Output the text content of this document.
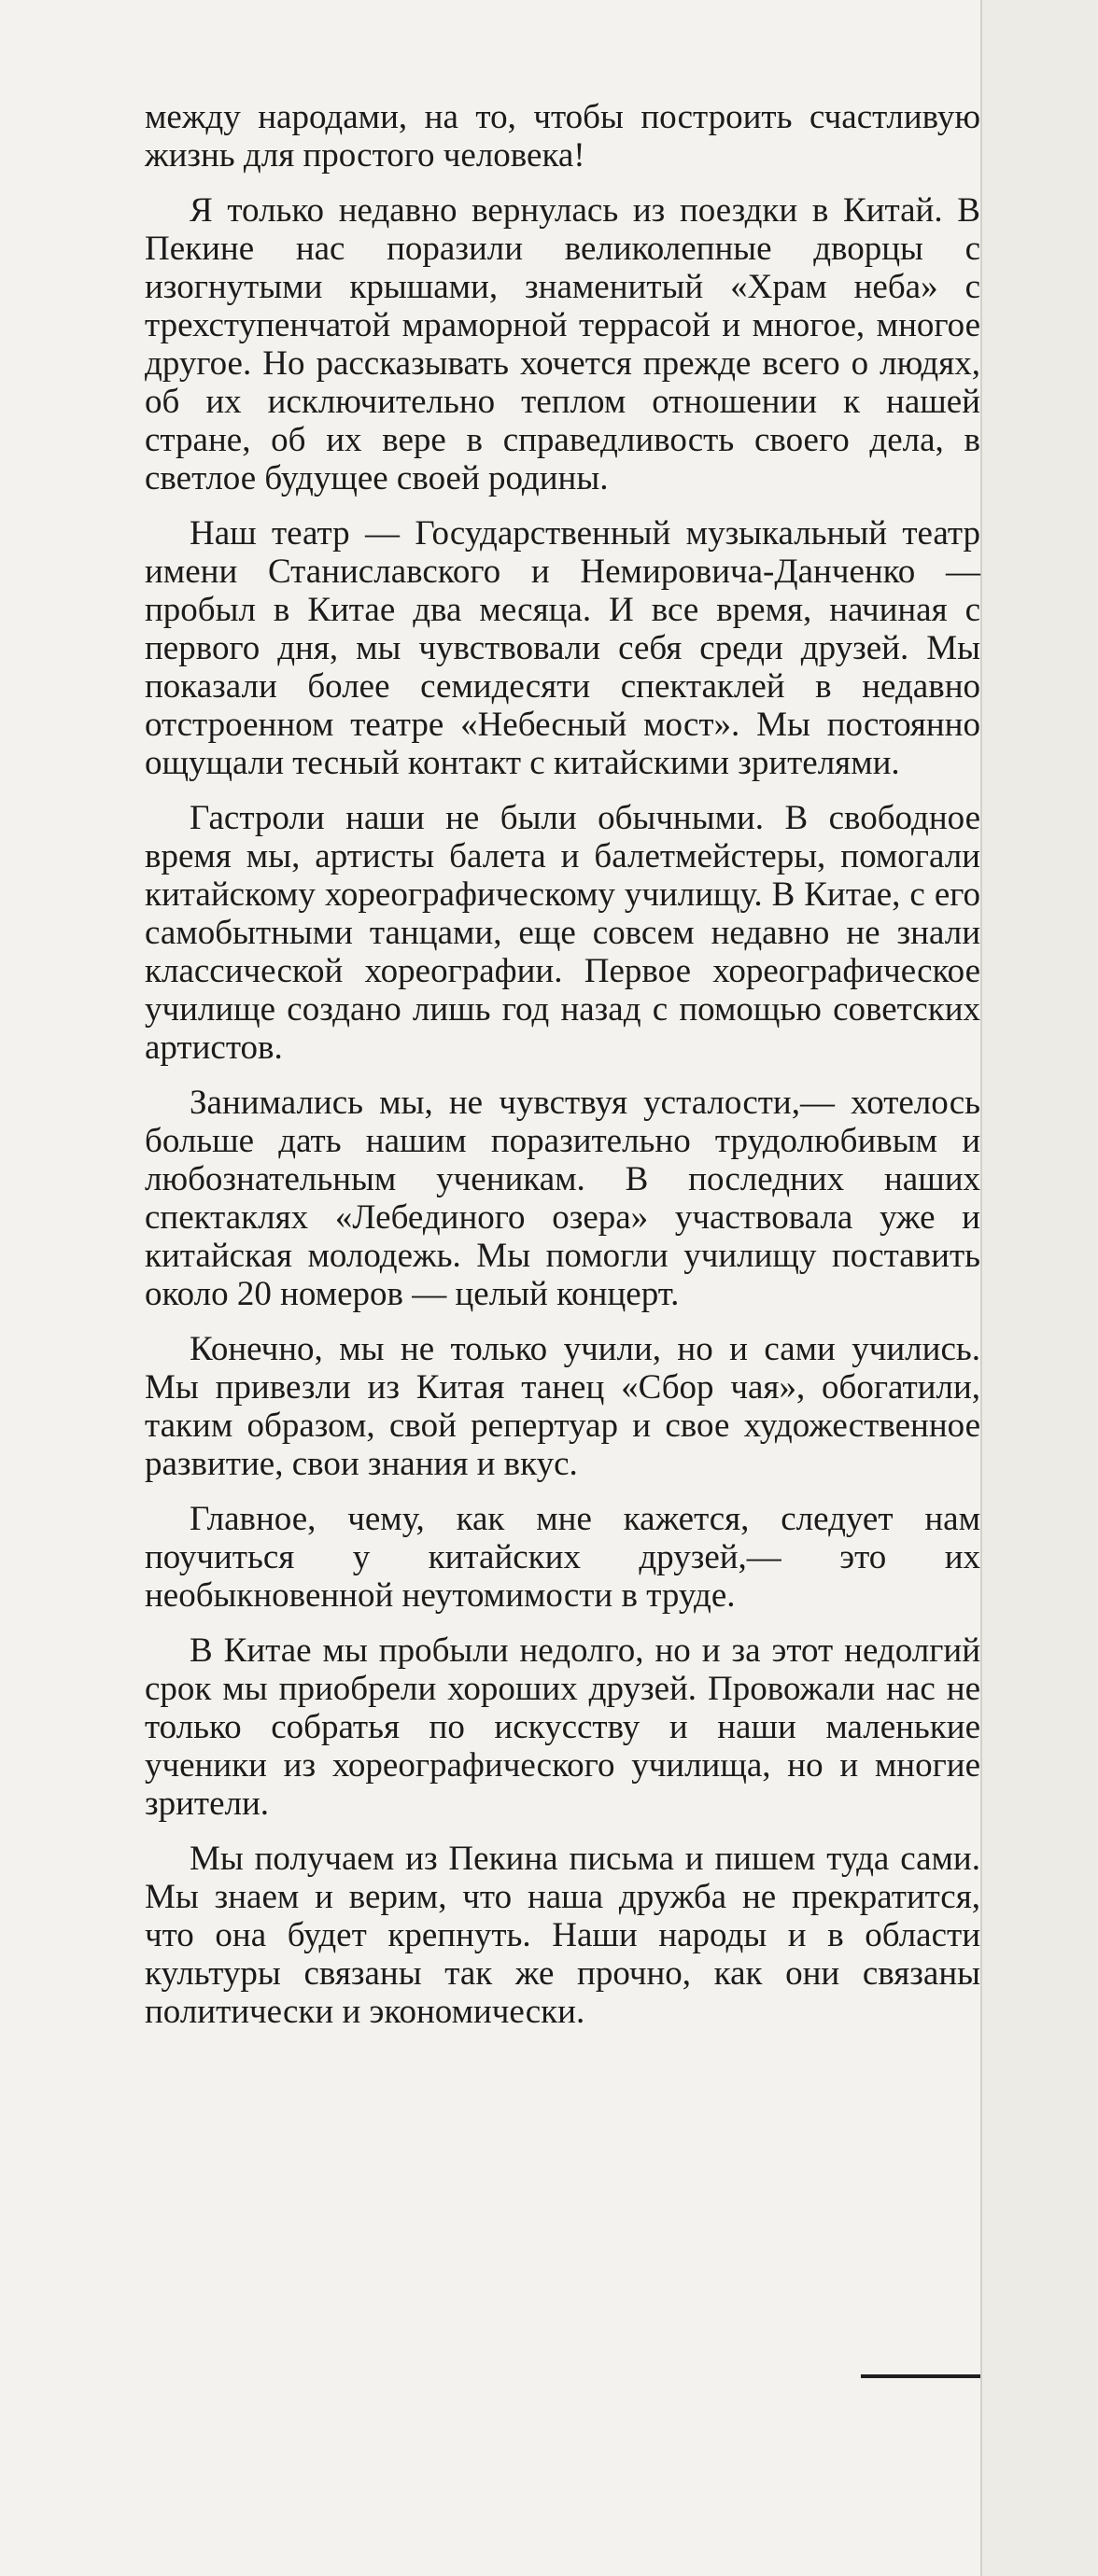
между народами, на то, чтобы построить счастливую жизнь для простого человека!

Я только недавно вернулась из поездки в Китай. В Пекине нас поразили великолепные дворцы с изогнутыми крышами, знаменитый «Храм неба» с трехступенчатой мраморной террасой и многое, многое другое. Но рассказывать хочется прежде всего о людях, об их исключительно теплом отношении к нашей стране, об их вере в справедливость своего дела, в светлое будущее своей родины.

Наш театр — Государственный музыкальный театр имени Станиславского и Немировича-Данченко — пробыл в Китае два месяца. И все время, начиная с первого дня, мы чувствовали себя среди друзей. Мы показали более семидесяти спектаклей в недавно отстроенном театре «Небесный мост». Мы постоянно ощущали тесный контакт с китайскими зрителями.

Гастроли наши не были обычными. В свободное время мы, артисты балета и балетмейстеры, помогали китайскому хореографическому училищу. В Китае, с его самобытными танцами, еще совсем недавно не знали классической хореографии. Первое хореографическое училище создано лишь год назад с помощью советских артистов.

Занимались мы, не чувствуя усталости,— хотелось больше дать нашим поразительно трудолюбивым и любознательным ученикам. В последних наших спектаклях «Лебединого озера» участвовала уже и китайская молодежь. Мы помогли училищу поставить около 20 номеров — целый концерт.

Конечно, мы не только учили, но и сами учились. Мы привезли из Китая танец «Сбор чая», обогатили, таким образом, свой репертуар и свое художественное развитие, свои знания и вкус.

Главное, чему, как мне кажется, следует нам поучиться у китайских друзей,— это их необыкновенной неутомимости в труде.

В Китае мы пробыли недолго, но и за этот недолгий срок мы приобрели хороших друзей. Провожали нас не только собратья по искусству и наши маленькие ученики из хореографического училища, но и многие зрители.

Мы получаем из Пекина письма и пишем туда сами. Мы знаем и верим, что наша дружба не прекратится, что она будет крепнуть. Наши народы и в области культуры связаны так же прочно, как они связаны политически и экономически.
